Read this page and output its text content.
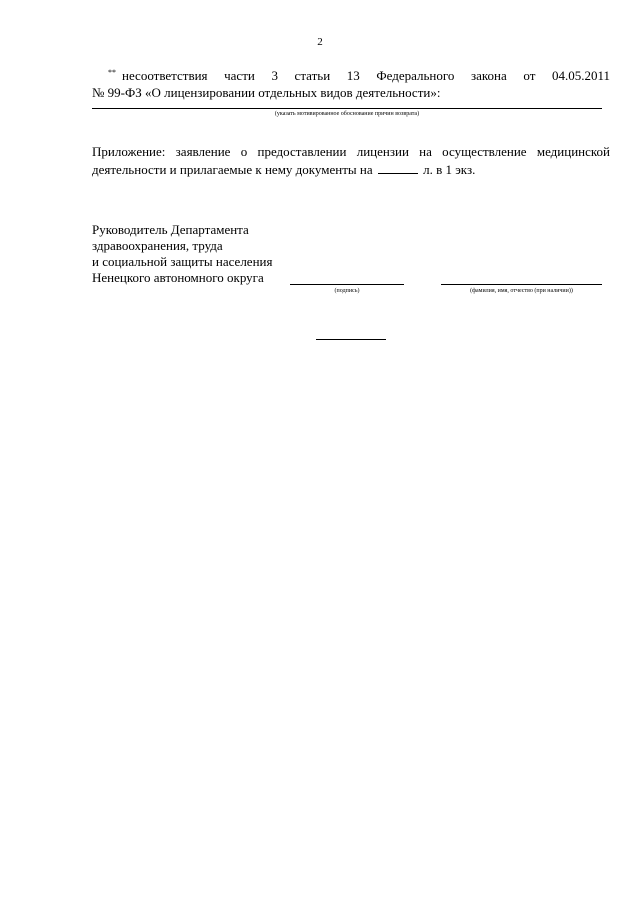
2
** несоответствия части 3 статьи 13 Федерального закона от 04.05.2011
№ 99-ФЗ «О лицензировании отдельных видов деятельности»:
(указать мотивированное обоснование причин возврата)
Приложение: заявление о предоставлении лицензии на осуществление медицинской
деятельности и прилагаемые к нему документы на	л. в 1 экз.
Руководитель Департамента
здравоохранения, труда
и социальной защиты населения
Ненецкого автономного округа
(подпись)	(фамилия, имя, отчество (при наличии))
